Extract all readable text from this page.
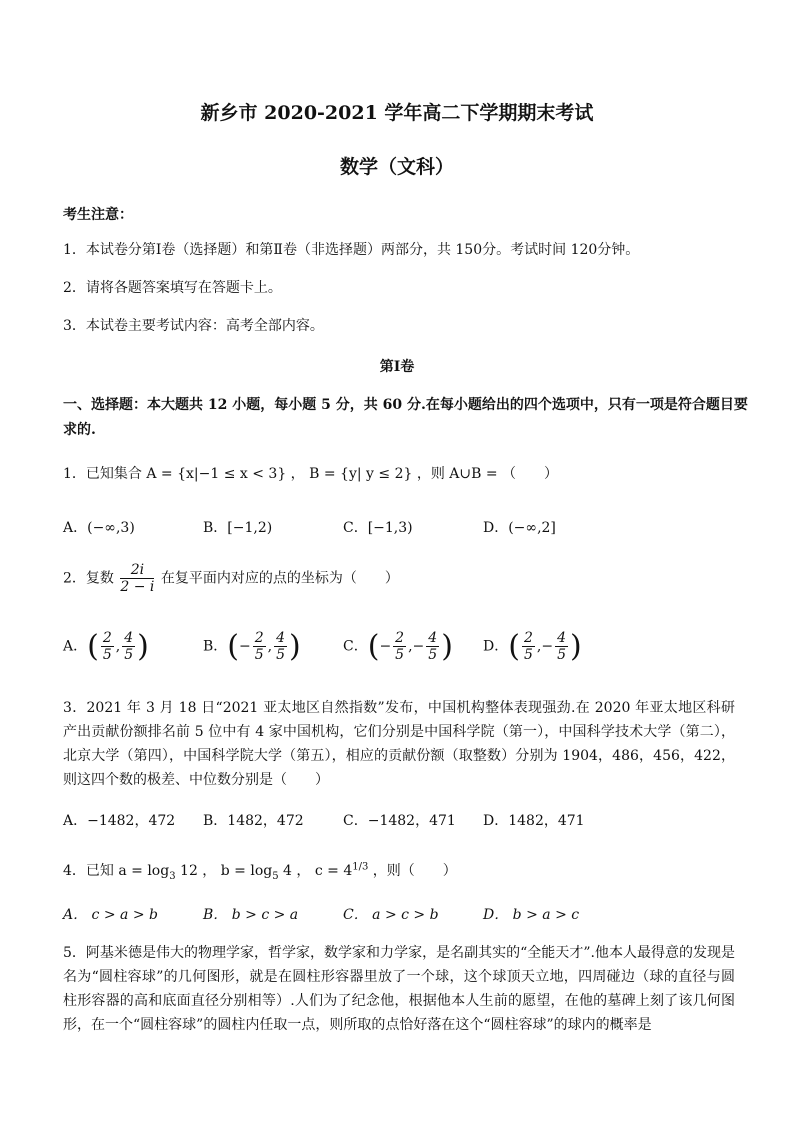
新乡市 2020-2021 学年高二下学期期末考试
数学（文科）
考生注意：
1．本试卷分第Ⅰ卷（选择题）和第Ⅱ卷（非选择题）两部分，共 150分。考试时间 120分钟。
2．请将各题答案填写在答题卡上。
3．本试卷主要考试内容：高考全部内容。
第Ⅰ卷
一、选择题：本大题共 12 小题，每小题 5 分，共 60 分.在每小题给出的四个选项中，只有一项是符合题目要
求的.
1．已知集合 A = {x|−1 ≤ x < 3} ， B = {y| y ≤ 2} ，则 A∪B = （　　）
A．(−∞,3)	B．[−1,2)	C．[−1,3)	D．(−∞,2]
2．复数 $\frac{2i}{2 - i}$ 在复平面内对应的点的坐标为（　　）
A．( $\frac{2}{5}$ , $\frac{4}{5}$ )	B．(− $\frac{2}{5}$ , $\frac{4}{5}$ )	C．(− $\frac{2}{5}$ ,− $\frac{4}{5}$ ) D．( $\frac{2}{5}$ ,− $\frac{4}{5}$ )
3．2021 年 3 月 18 日“2021 亚太地区自然指数”发布，中国机构整体表现强劲.在 2020 年亚太地区科研产出贡献份额排名前 5 位中有 4 家中国机构，它们分别是中国科学院（第一），中国科学技术大学（第二），北京大学（第四），中国科学院大学（第五），相应的贡献份额（取整数）分别为 1904，486，456，422，则这四个数的极差、中位数分别是（　　）
A．−1482，472 B．1482，472	C．−1482，471 D．1482，471
4．已知 $a = \log_3 12$ ， $b = \log_5 4$ ， $c = 4^{1/3}$ ，则（　　）
A． c > a > b	B． b > c > a	C． a > c > b	D． b > a > c
5．阿基米德是伟大的物理学家，哲学家，数学家和力学家，是名副其实的“全能天才”.他本人最得意的发现是名为“圆柱容球”的几何图形，就是在圆柱形容器里放了一个球，这个球顶天立地，四周碰边（球的直径与圆柱形容器的高和底面直径分别相等）.人们为了纪念他，根据他本人生前的愿望，在他的墓碑上刻了该几何图形，在一个“圆柱容球”的圆柱内任取一点，则所取的点恰好落在这个“圆柱容球”的球内的概率是
